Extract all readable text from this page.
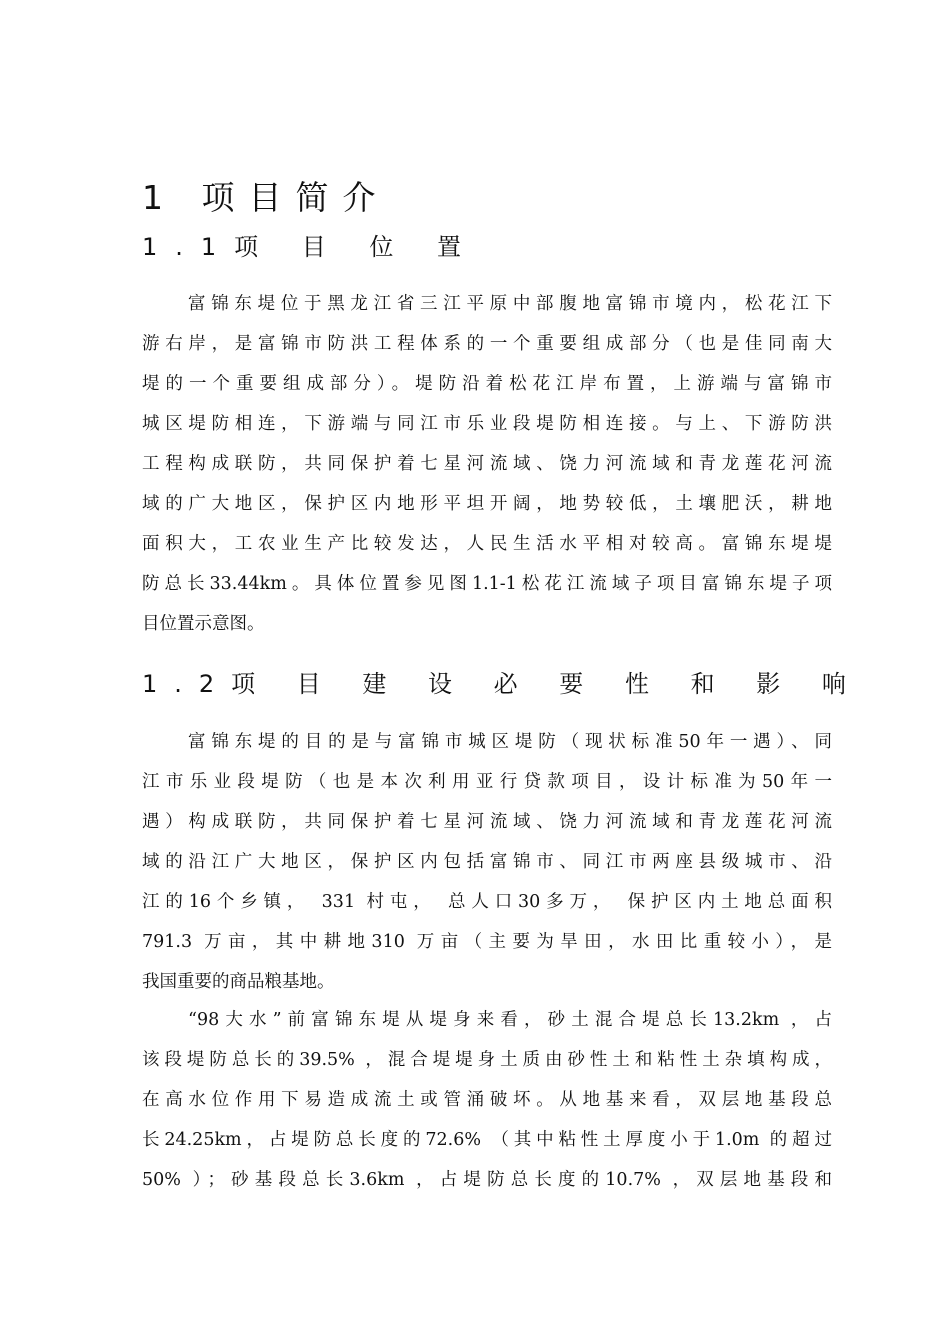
1 项目简介
1.1项 目 位 置
富锦东堤位于黑龙江省三江平原中部腹地富锦市境内，松花江下
游右岸，是富锦市防洪工程体系的一个重要组成部分（也是佳同南大
堤的一个重要组成部分）。堤防沿着松花江岸布置，上游端与富锦市
城区堤防相连，下游端与同江市乐业段堤防相连接。与上、下游防洪
工程构成联防，共同保护着七星河流域、饶力河流域和青龙莲花河流
域的广大地区，保护区内地形平坦开阔，地势较低，土壤肥沃，耕地
面积大，工农业生产比较发达，人民生活水平相对较高。富锦东堤堤
防总长33.44km。具体位置参见图1.1-1松花江流域子项目富锦东堤子项
目位置示意图。
1.2项 目 建 设 必 要 性 和 影 响
富锦东堤的目的是与富锦市城区堤防（现状标准50年一遇）、同
江市乐业段堤防（也是本次利用亚行贷款项目，设计标准为50年一
遇）构成联防，共同保护着七星河流域、饶力河流域和青龙莲花河流
域的沿江广大地区，保护区内包括富锦市、同江市两座县级城市、沿
江的16个乡镇， 331 村屯， 总人口30多万， 保护区内土地总面积
791.3 万亩，其中耕地310 万亩（主要为旱田，水田比重较小），是
我国重要的商品粮基地。
“98大水”前富锦东堤从堤身来看，砂土混合堤总长13.2km ，占
该段堤防总长的39.5% ，混合堤堤身土质由砂性土和粘性土杂填构成，
在高水位作用下易造成流土或管涌破坏。从地基来看，双层地基段总
长24.25km，占堤防总长度的72.6% （其中粘性土厚度小于1.0m 的超过
50% ）；砂基段总长3.6km ，占堤防总长度的10.7% ，双层地基段和
